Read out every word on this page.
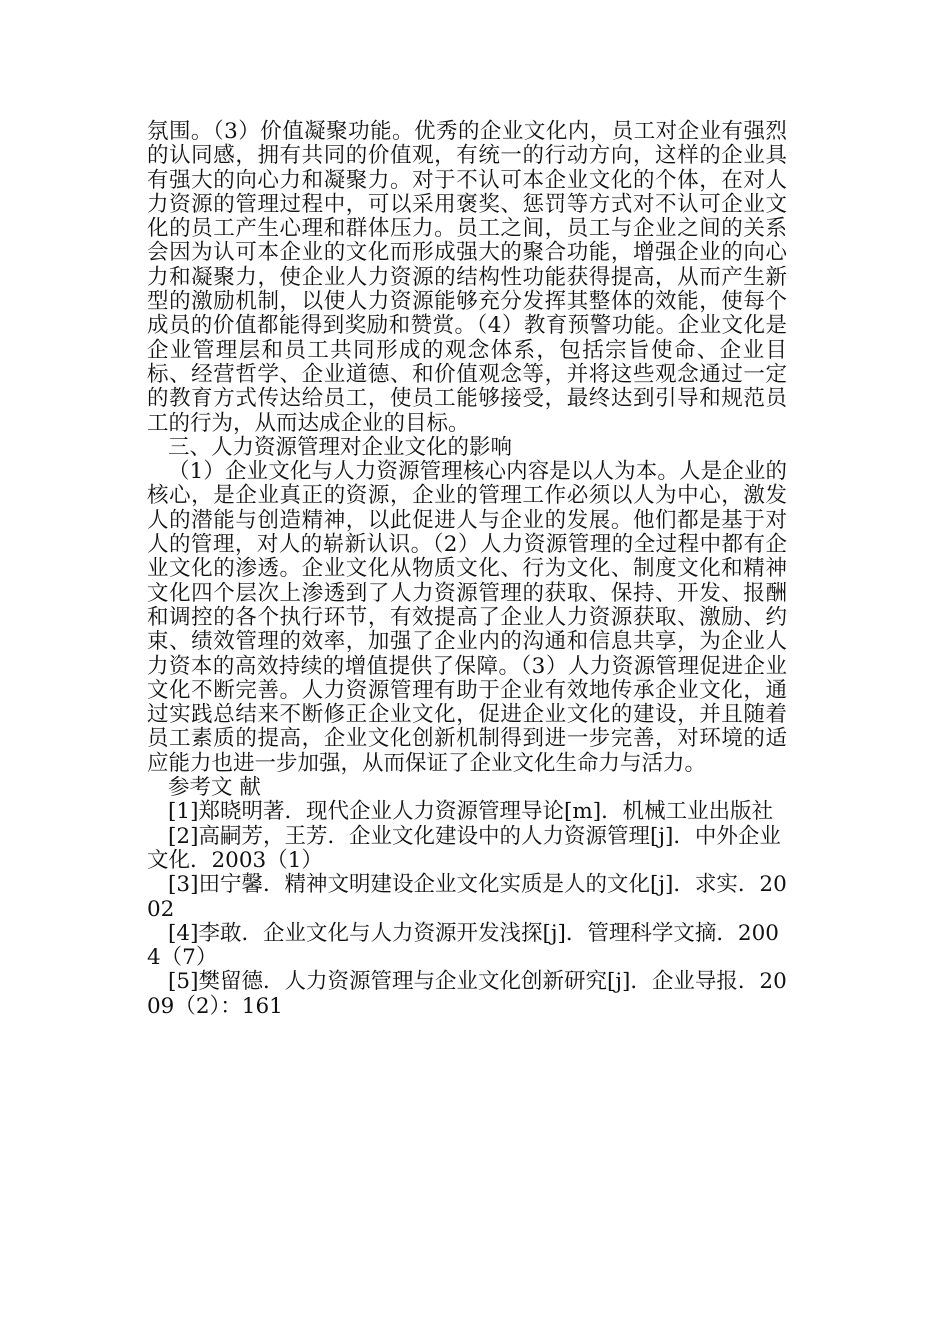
氛围。（3）价值凝聚功能。优秀的企业文化内，员工对企业有强烈的认同感，拥有共同的价值观，有统一的行动方向，这样的企业具有强大的向心力和凝聚力。对于不认可本企业文化的个体，在对人力资源的管理过程中，可以采用褒奖、惩罚等方式对不认可企业文化的员工产生心理和群体压力。员工之间，员工与企业之间的关系会因为认可本企业的文化而形成强大的聚合功能，增强企业的向心力和凝聚力，使企业人力资源的结构性功能获得提高，从而产生新型的激励机制，以使人力资源能够充分发挥其整体的效能，使每个成员的价值都能得到奖励和赞赏。（4）教育预警功能。企业文化是企业管理层和员工共同形成的观念体系，包括宗旨使命、企业目标、经营哲学、企业道德、和价值观念等，并将这些观念通过一定的教育方式传达给员工，使员工能够接受，最终达到引导和规范员工的行为，从而达成企业的目标。

三、人力资源管理对企业文化的影响

（1）企业文化与人力资源管理核心内容是以人为本。人是企业的核心，是企业真正的资源，企业的管理工作必须以人为中心，激发人的潜能与创造精神，以此促进人与企业的发展。他们都是基于对人的管理，对人的崭新认识。（2）人力资源管理的全过程中都有企业文化的渗透。企业文化从物质文化、行为文化、制度文化和精神文化四个层次上渗透到了人力资源管理的获取、保持、开发、报酬和调控的各个执行环节，有效提高了企业人力资源获取、激励、约束、绩效管理的效率，加强了企业内的沟通和信息共享，为企业人力资本的高效持续的增值提供了保障。（3）人力资源管理促进企业文化不断完善。人力资源管理有助于企业有效地传承企业文化，通过实践总结来不断修正企业文化，促进企业文化的建设，并且随着员工素质的提高，企业文化创新机制得到进一步完善，对环境的适应能力也进一步加强，从而保证了企业文化生命力与活力。

参考文 献

[1]郑晓明著．现代企业人力资源管理导论[m]．机械工业出版社

[2]高嗣芳，王芳．企业文化建设中的人力资源管理[j]．中外企业文化．2003（1）

[3]田宁馨．精神文明建设企业文化实质是人的文化[j]．求实．2002

[4]李敢．企业文化与人力资源开发浅探[j]．管理科学文摘．2004（7）

[5]樊留德．人力资源管理与企业文化创新研究[j]．企业导报．2009（2）：161
